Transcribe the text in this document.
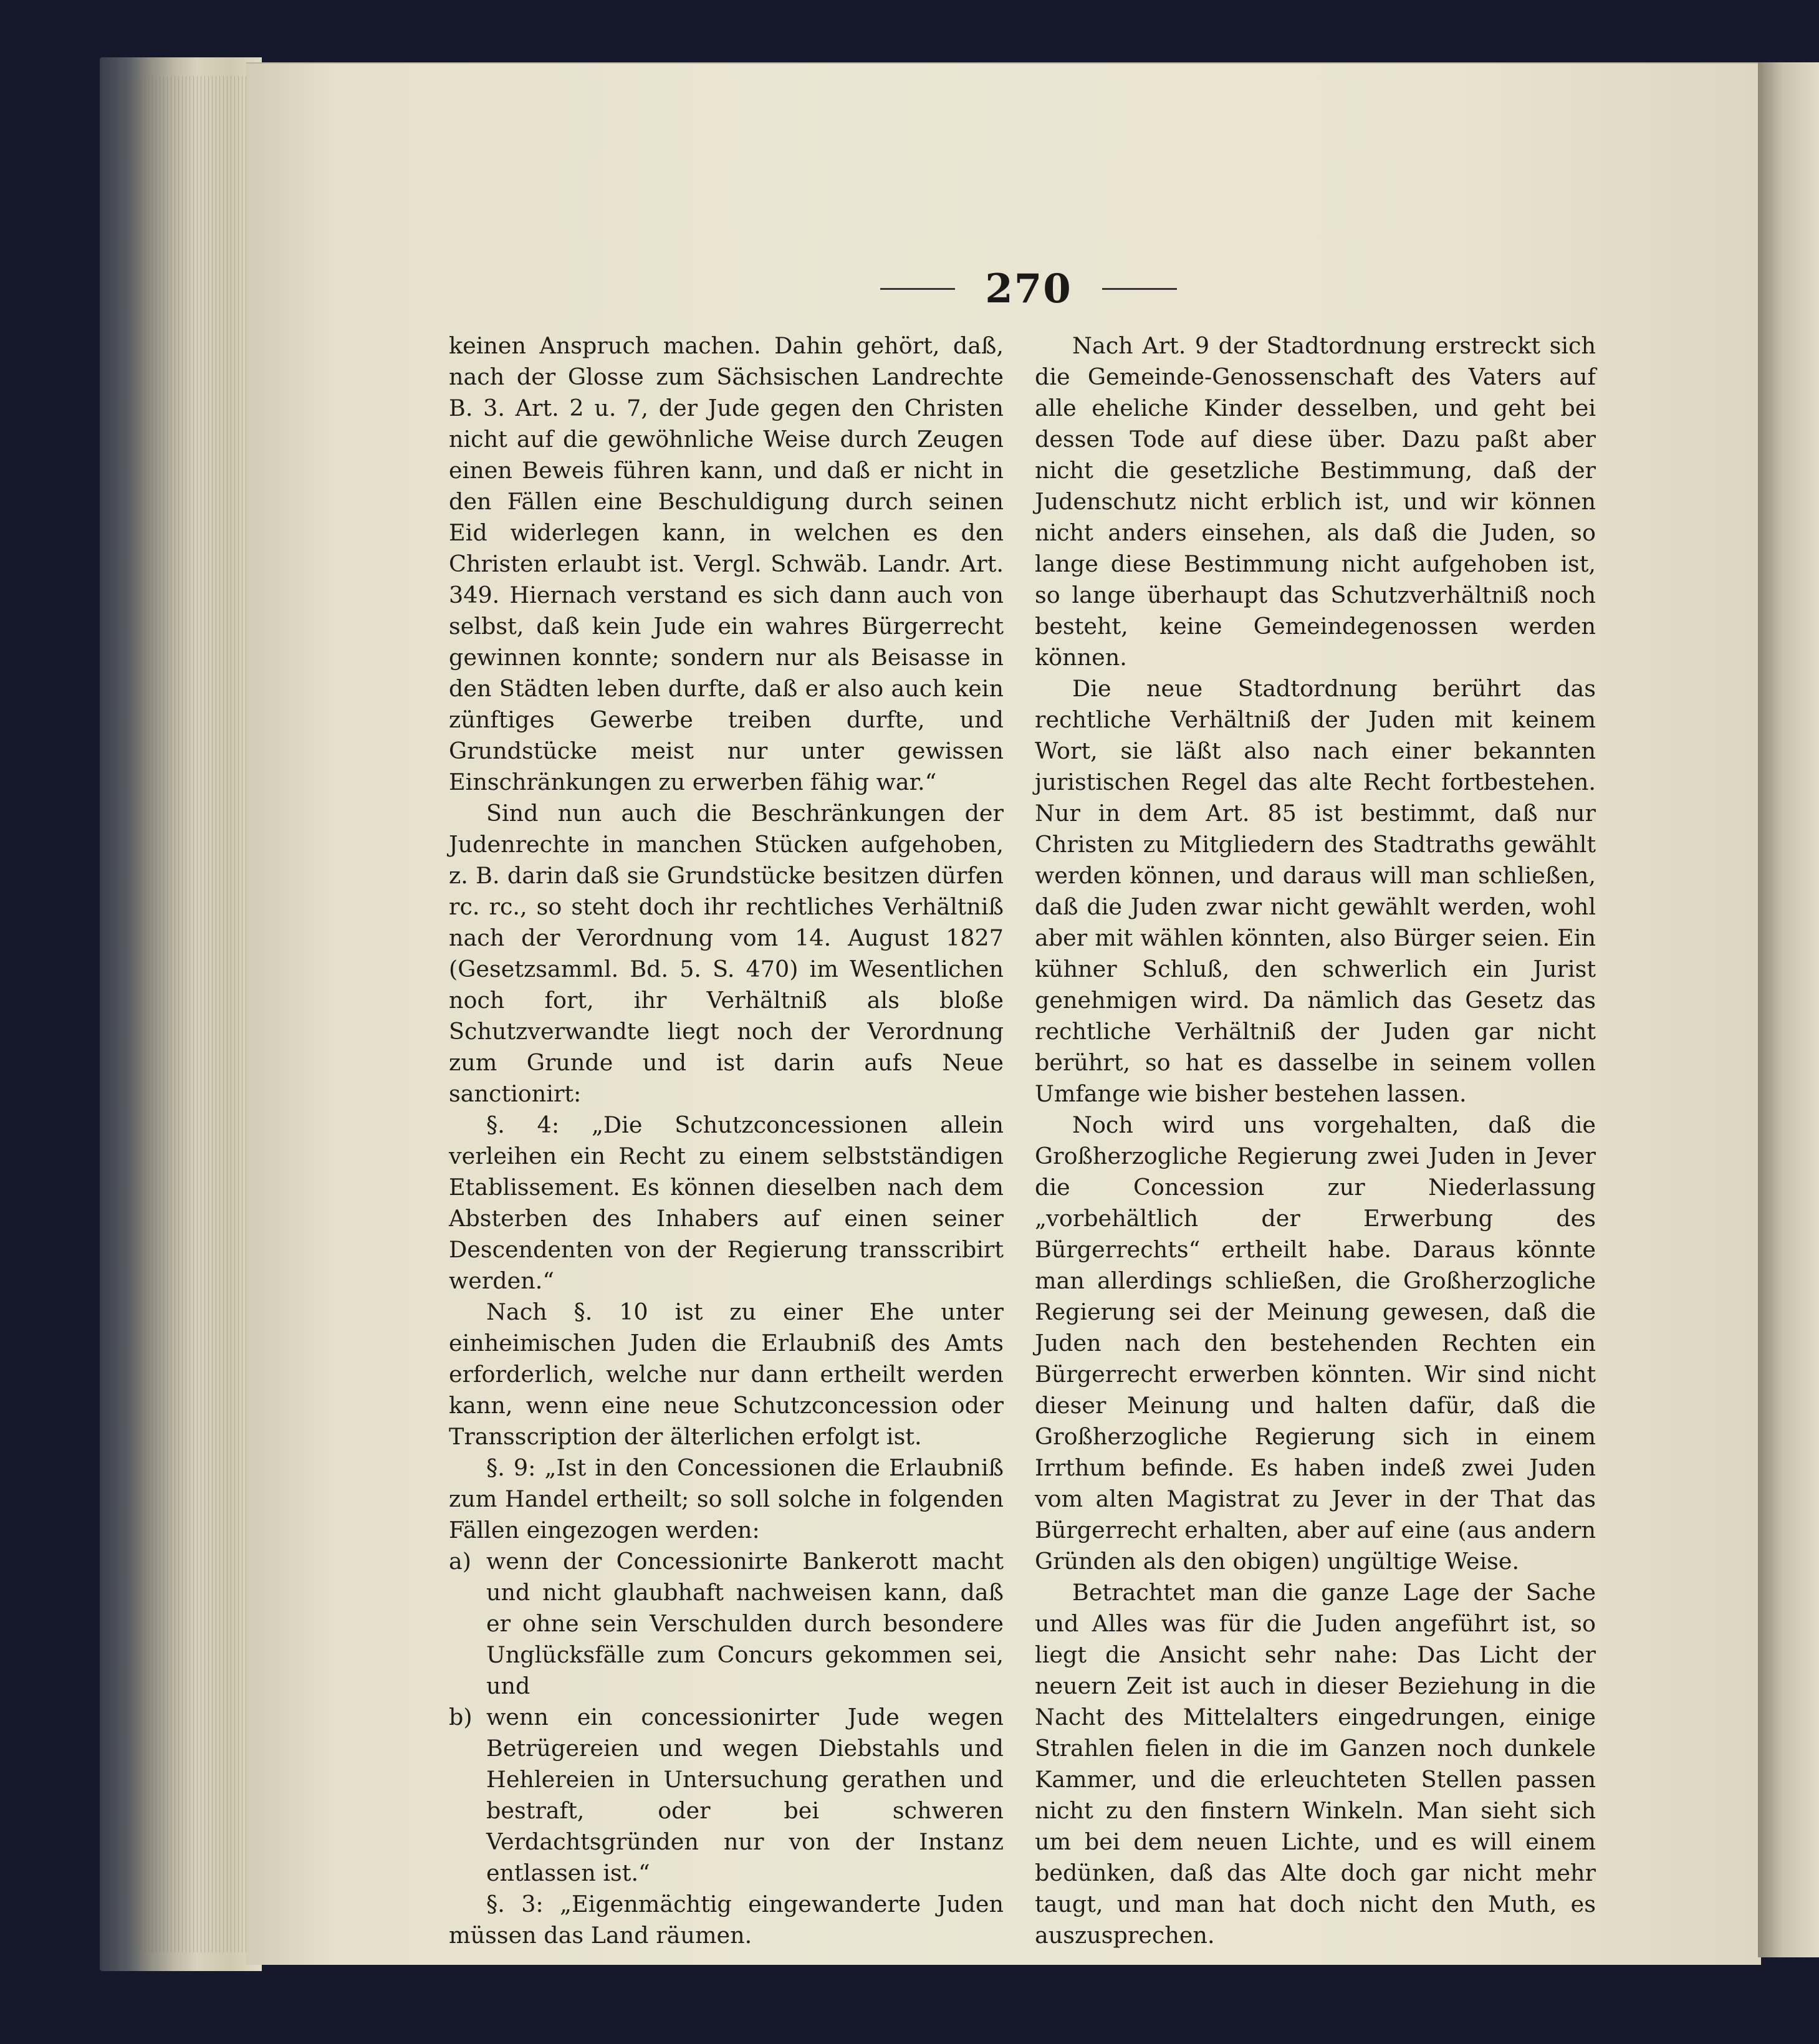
270

keinen Anspruch machen. Dahin gehört, daß, nach der Glosse zum Sächsischen Landrechte B. 3. Art. 2 u. 7, der Jude gegen den Christen nicht auf die gewöhnliche Weise durch Zeugen einen Beweis führen kann, und daß er nicht in den Fällen eine Beschuldigung durch seinen Eid widerlegen kann, in welchen es den Christen erlaubt ist. Vergl. Schwäb. Landr. Art. 349. Hiernach verstand es sich dann auch von selbst, daß kein Jude ein wahres Bürgerrecht gewinnen konnte; sondern nur als Beisasse in den Städten leben durfte, daß er also auch kein zünftiges Gewerbe treiben durfte, und Grundstücke meist nur unter gewissen Einschränkungen zu erwerben fähig war.“

Sind nun auch die Beschränkungen der Judenrechte in manchen Stücken aufgehoben, z. B. darin daß sie Grundstücke besitzen dürfen rc. rc., so steht doch ihr rechtliches Verhältniß nach der Verordnung vom 14. August 1827 (Gesetzsamml. Bd. 5. S. 470) im Wesentlichen noch fort, ihr Verhältniß als bloße Schutzverwandte liegt noch der Verordnung zum Grunde und ist darin aufs Neue sanctionirt:

§. 4: „Die Schutzconcessionen allein verleihen ein Recht zu einem selbstständigen Etablissement. Es können dieselben nach dem Absterben des Inhabers auf einen seiner Descendenten von der Regierung transscribirt werden.“

Nach §. 10 ist zu einer Ehe unter einheimischen Juden die Erlaubniß des Amts erforderlich, welche nur dann ertheilt werden kann, wenn eine neue Schutzconcession oder Transscription der älterlichen erfolgt ist.

§. 9: „Ist in den Concessionen die Erlaubniß zum Handel ertheilt; so soll solche in folgenden Fällen eingezogen werden:

a) wenn der Concessionirte Bankerott macht und nicht glaubhaft nachweisen kann, daß er ohne sein Verschulden durch besondere Unglücksfälle zum Concurs gekommen sei, und
b) wenn ein concessionirter Jude wegen Betrügereien und wegen Diebstahls und Hehlereien in Untersuchung gerathen und bestraft, oder bei schweren Verdachtsgründen nur von der Instanz entlassen ist.“

§. 3: „Eigenmächtig eingewanderte Juden müssen das Land räumen.

Nach Art. 9 der Stadtordnung erstreckt sich die Gemeinde-Genossenschaft des Vaters auf alle eheliche Kinder desselben, und geht bei dessen Tode auf diese über. Dazu paßt aber nicht die gesetzliche Bestimmung, daß der Judenschutz nicht erblich ist, und wir können nicht anders einsehen, als daß die Juden, so lange diese Bestimmung nicht aufgehoben ist, so lange überhaupt das Schutzverhältniß noch besteht, keine Gemeindegenossen werden können.

Die neue Stadtordnung berührt das rechtliche Verhältniß der Juden mit keinem Wort, sie läßt also nach einer bekannten juristischen Regel das alte Recht fortbestehen. Nur in dem Art. 85 ist bestimmt, daß nur Christen zu Mitgliedern des Stadtraths gewählt werden können, und daraus will man schließen, daß die Juden zwar nicht gewählt werden, wohl aber mit wählen könnten, also Bürger seien. Ein kühner Schluß, den schwerlich ein Jurist genehmigen wird. Da nämlich das Gesetz das rechtliche Verhältniß der Juden gar nicht berührt, so hat es dasselbe in seinem vollen Umfange wie bisher bestehen lassen.

Noch wird uns vorgehalten, daß die Großherzogliche Regierung zwei Juden in Jever die Concession zur Niederlassung „vorbehältlich der Erwerbung des Bürgerrechts“ ertheilt habe. Daraus könnte man allerdings schließen, die Großherzogliche Regierung sei der Meinung gewesen, daß die Juden nach den bestehenden Rechten ein Bürgerrecht erwerben könnten. Wir sind nicht dieser Meinung und halten dafür, daß die Großherzogliche Regierung sich in einem Irrthum befinde. Es haben indeß zwei Juden vom alten Magistrat zu Jever in der That das Bürgerrecht erhalten, aber auf eine (aus andern Gründen als den obigen) ungültige Weise.

Betrachtet man die ganze Lage der Sache und Alles was für die Juden angeführt ist, so liegt die Ansicht sehr nahe: Das Licht der neuern Zeit ist auch in dieser Beziehung in die Nacht des Mittelalters eingedrungen, einige Strahlen fielen in die im Ganzen noch dunkele Kammer, und die erleuchteten Stellen passen nicht zu den finstern Winkeln. Man sieht sich um bei dem neuen Lichte, und es will einem bedünken, daß das Alte doch gar nicht mehr taugt, und man hat doch nicht den Muth, es auszusprechen.
